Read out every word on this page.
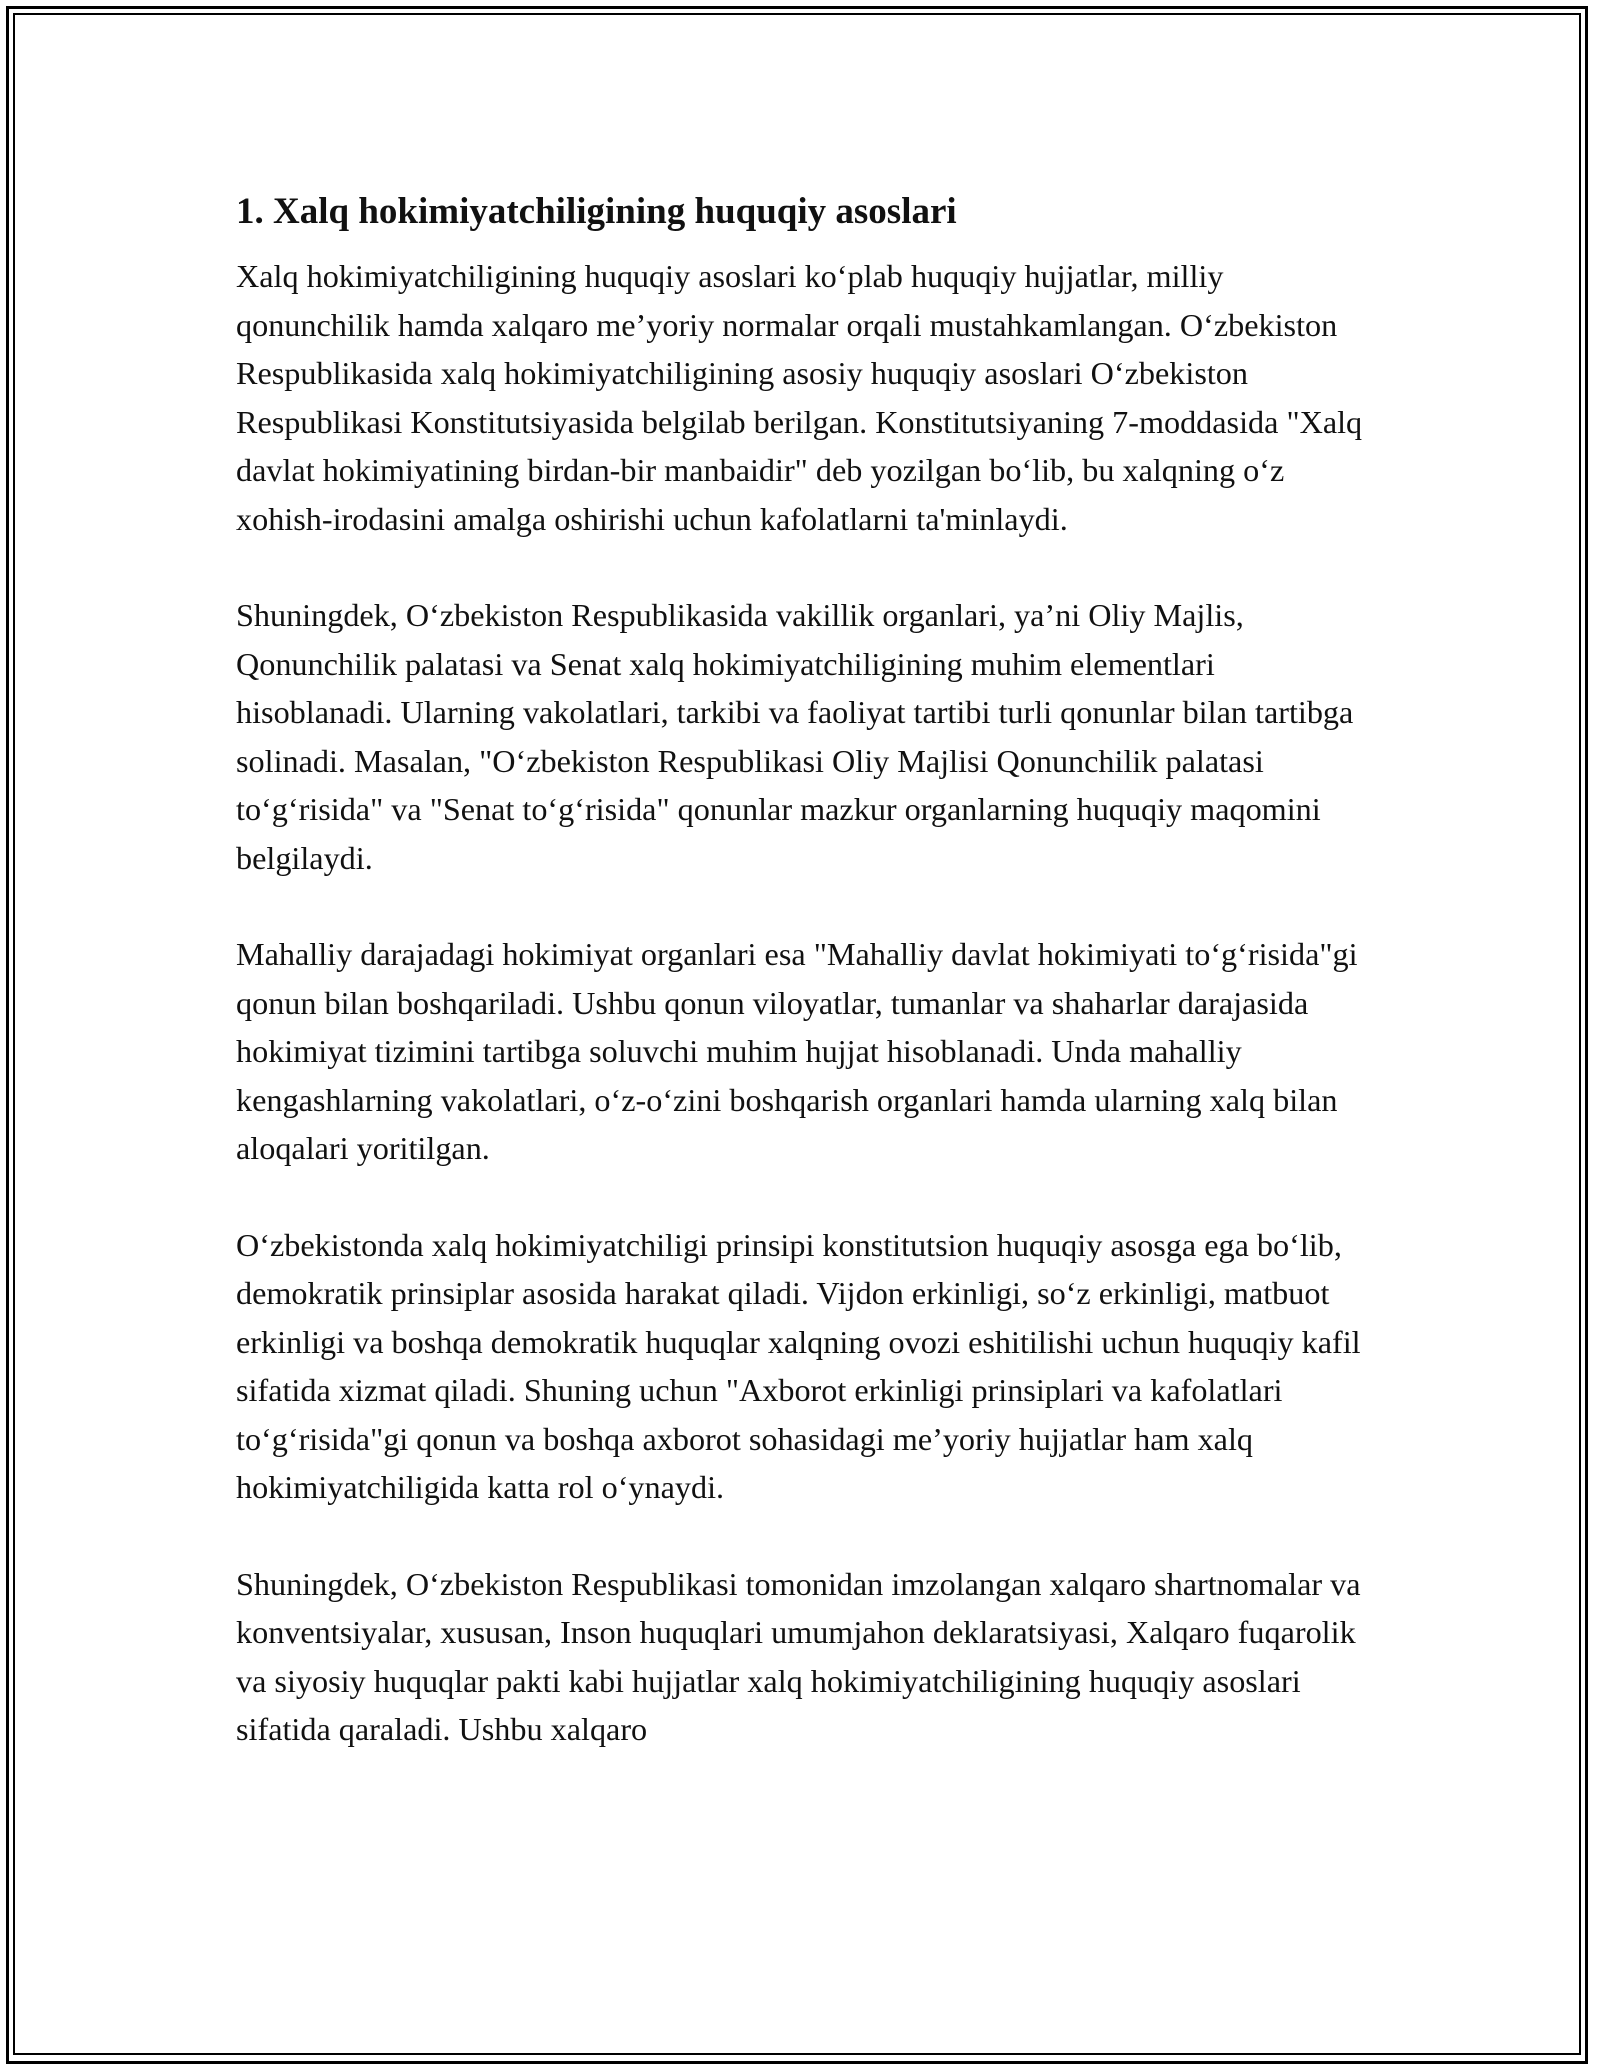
1. Xalq hokimiyatchiligining huquqiy asoslari

Xalq hokimiyatchiligining huquqiy asoslari ko‘plab huquqiy hujjatlar, milliy qonunchilik hamda xalqaro me’yoriy normalar orqali mustahkamlangan. O‘zbekiston Respublikasida xalq hokimiyatchiligining asosiy huquqiy asoslari O‘zbekiston Respublikasi Konstitutsiyasida belgilab berilgan. Konstitutsiyaning 7-moddasida "Xalq davlat hokimiyatining birdan-bir manbaidir" deb yozilgan bo‘lib, bu xalqning o‘z xohish-irodasini amalga oshirishi uchun kafolatlarni ta'minlaydi.

Shuningdek, O‘zbekiston Respublikasida vakillik organlari, ya’ni Oliy Majlis, Qonunchilik palatasi va Senat xalq hokimiyatchiligining muhim elementlari hisoblanadi. Ularning vakolatlari, tarkibi va faoliyat tartibi turli qonunlar bilan tartibga solinadi. Masalan, "O‘zbekiston Respublikasi Oliy Majlisi Qonunchilik palatasi to‘g‘risida" va "Senat to‘g‘risida" qonunlar mazkur organlarning huquqiy maqomini belgilaydi.

Mahalliy darajadagi hokimiyat organlari esa "Mahalliy davlat hokimiyati to‘g‘risida"gi qonun bilan boshqariladi. Ushbu qonun viloyatlar, tumanlar va shaharlar darajasida hokimiyat tizimini tartibga soluvchi muhim hujjat hisoblanadi. Unda mahalliy kengashlarning vakolatlari, o‘z-o‘zini boshqarish organlari hamda ularning xalq bilan aloqalari yoritilgan.

O‘zbekistonda xalq hokimiyatchiligi prinsipi konstitutsion huquqiy asosga ega bo‘lib, demokratik prinsiplar asosida harakat qiladi. Vijdon erkinligi, so‘z erkinligi, matbuot erkinligi va boshqa demokratik huquqlar xalqning ovozi eshitilishi uchun huquqiy kafil sifatida xizmat qiladi. Shuning uchun "Axborot erkinligi prinsiplari va kafolatlari to‘g‘risida"gi qonun va boshqa axborot sohasidagi me’yoriy hujjatlar ham xalq hokimiyatchiligida katta rol o‘ynaydi.

Shuningdek, O‘zbekiston Respublikasi tomonidan imzolangan xalqaro shartnomalar va konventsiyalar, xususan, Inson huquqlari umumjahon deklaratsiyasi, Xalqaro fuqarolik va siyosiy huquqlar pakti kabi hujjatlar xalq hokimiyatchiligining huquqiy asoslari sifatida qaraladi. Ushbu xalqaro
